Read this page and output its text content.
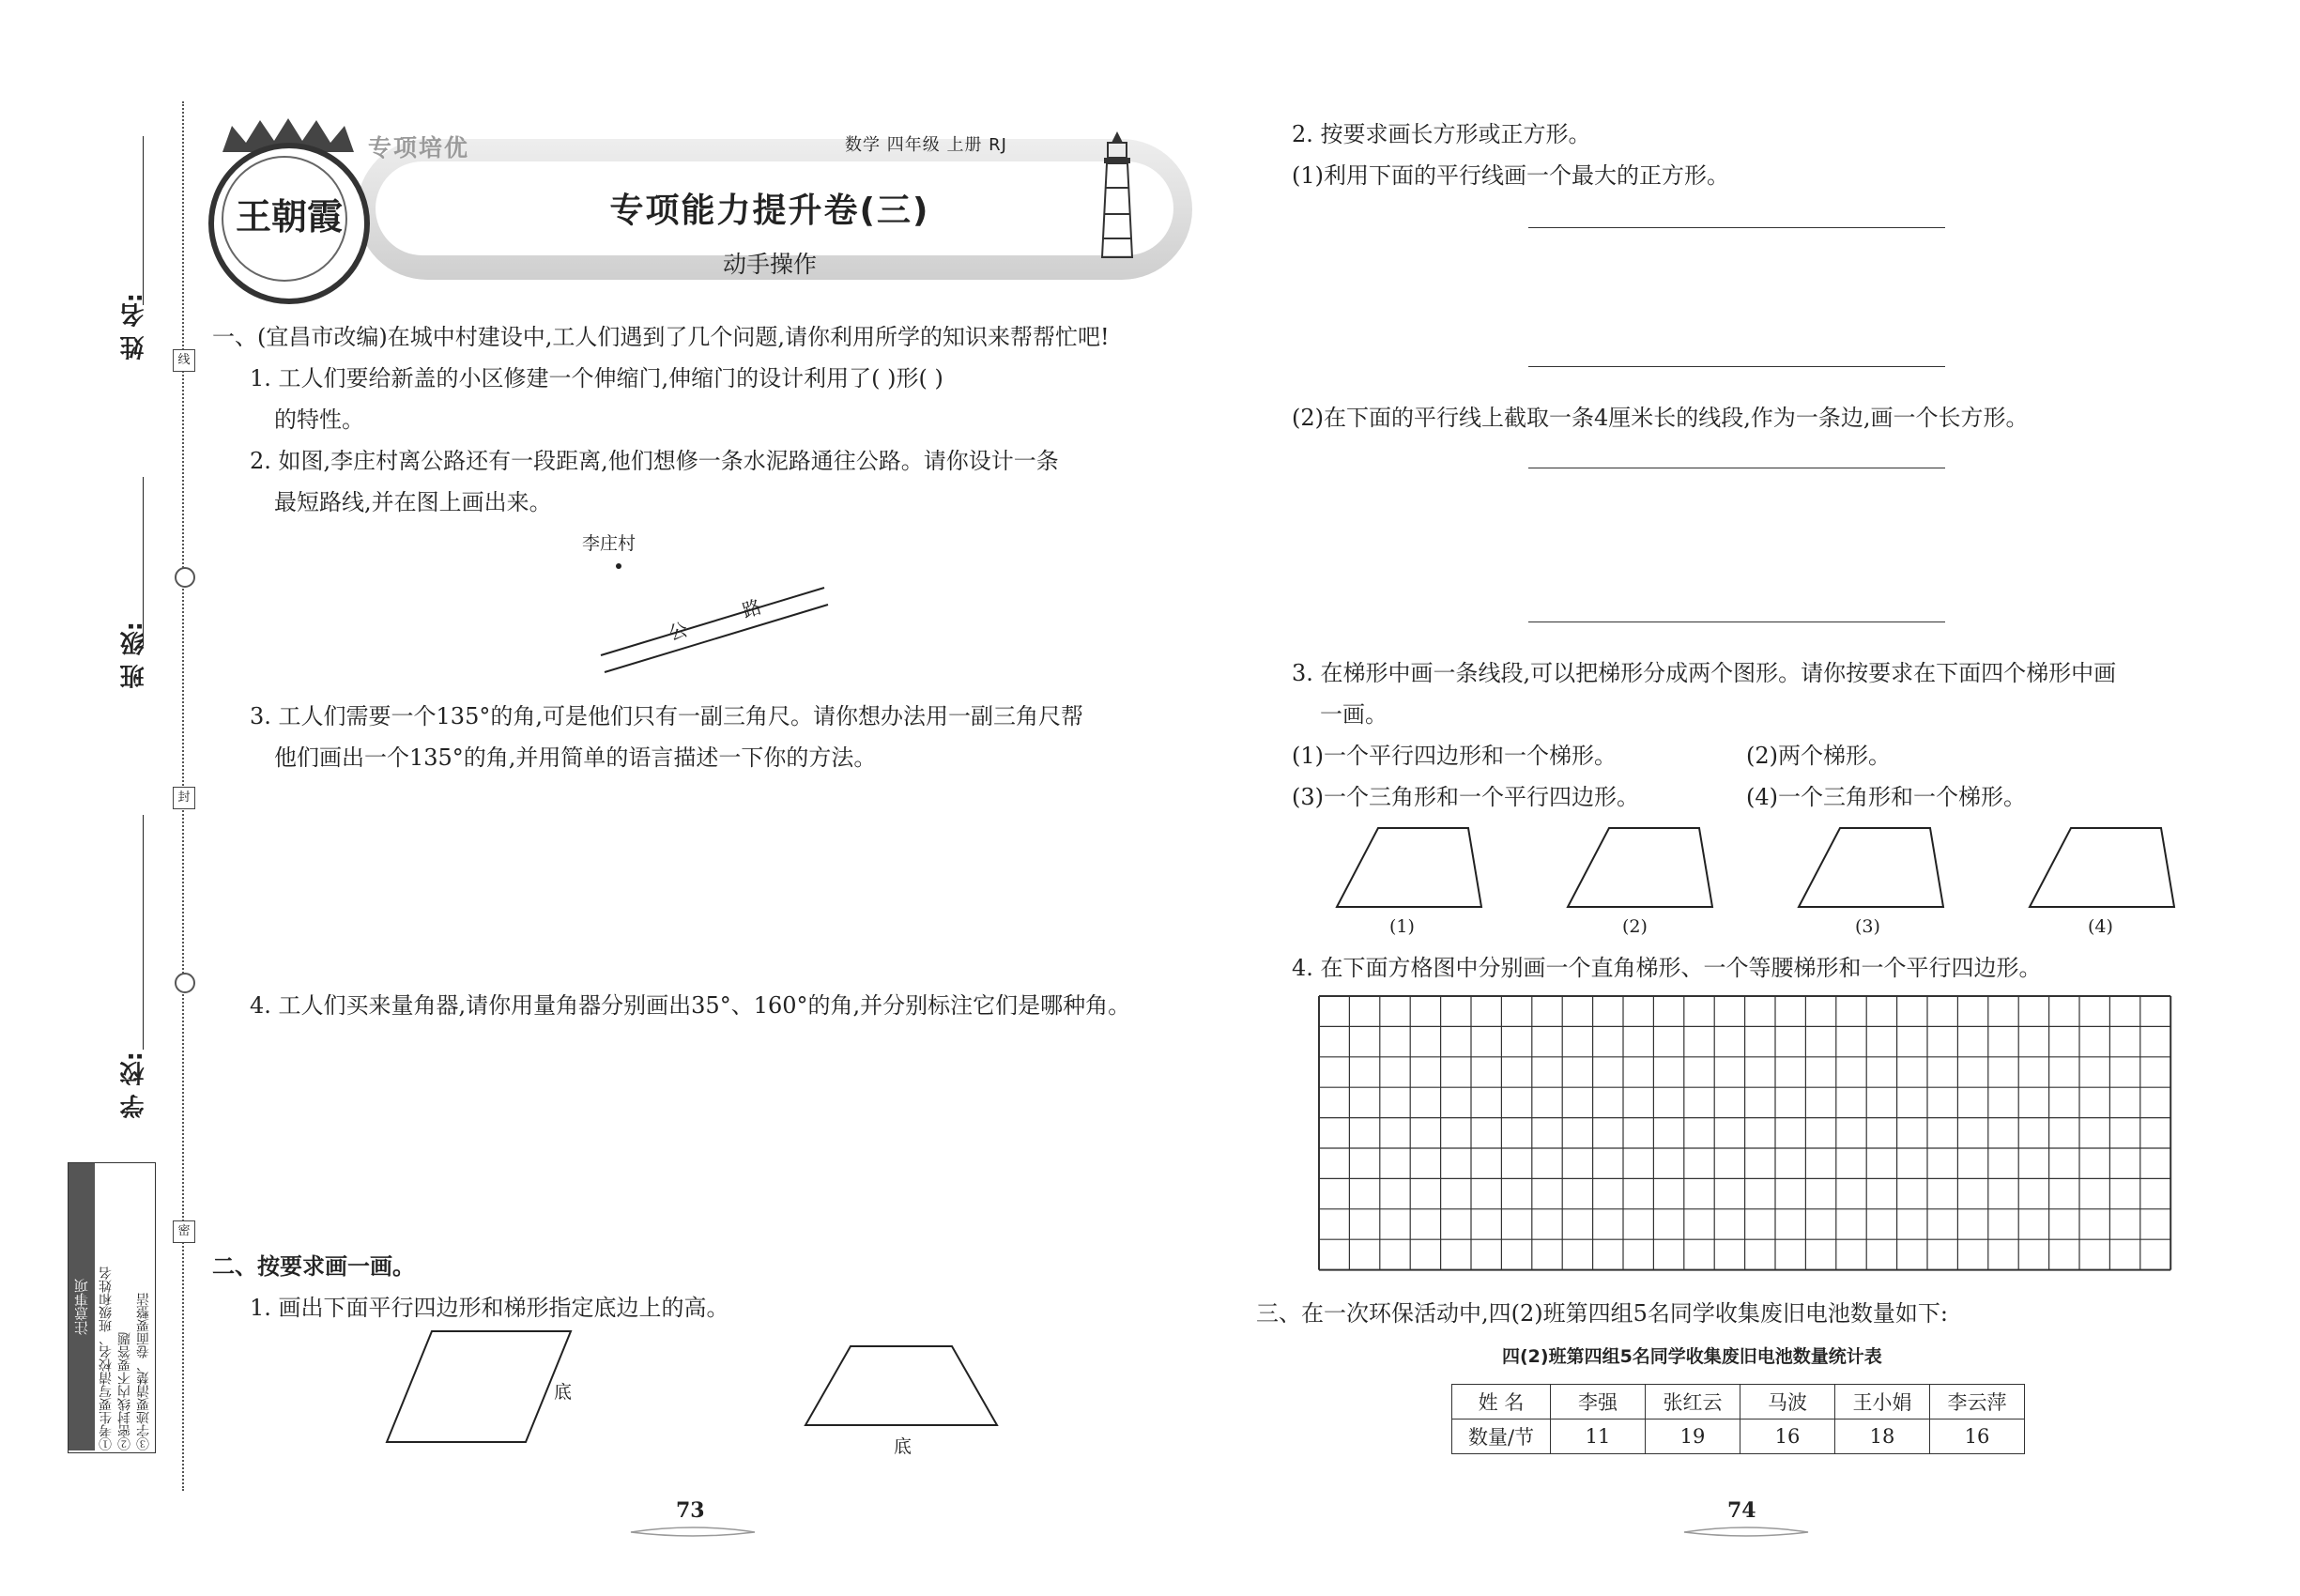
线
封
密
姓 名:
班 级:
学 校:
注意事项 ①考生要写清校名、班级和姓名 ②密封线内不要答题 ③字迹要清楚、卷面要整洁
专项培优	数学 四年级 上册 RJ
专项能力提升卷(三)
动手操作
王朝霞
一、(宜昌市改编)在城中村建设中,工人们遇到了几个问题,请你利用所学的知识来帮帮忙吧!
1. 工人们要给新盖的小区修建一个伸缩门,伸缩门的设计利用了( )形( )
的特性。
2. 如图,李庄村离公路还有一段距离,他们想修一条水泥路通往公路。请你设计一条
最短路线,并在图上画出来。
李庄村
公 路
3. 工人们需要一个135°的角,可是他们只有一副三角尺。请你想办法用一副三角尺帮
他们画出一个135°的角,并用简单的语言描述一下你的方法。
4. 工人们买来量角器,请你用量角器分别画出35°、160°的角,并分别标注它们是哪种角。
二、按要求画一画。
1. 画出下面平行四边形和梯形指定底边上的高。
底
底
73
2. 按要求画长方形或正方形。
(1)利用下面的平行线画一个最大的正方形。
(2)在下面的平行线上截取一条4厘米长的线段,作为一条边,画一个长方形。
3. 在梯形中画一条线段,可以把梯形分成两个图形。请你按要求在下面四个梯形中画
一画。
(1)一个平行四边形和一个梯形。	(2)两个梯形。
(3)一个三角形和一个平行四边形。	(4)一个三角形和一个梯形。
(1)	(2)	(3)	(4)
4. 在下面方格图中分别画一个直角梯形、一个等腰梯形和一个平行四边形。
三、在一次环保活动中,四(2)班第四组5名同学收集废旧电池数量如下:
四(2)班第四组5名同学收集废旧电池数量统计表
姓 名	李强	张红云	马波	王小娟	李云萍
数量/节	11	19	16	18	16
74
